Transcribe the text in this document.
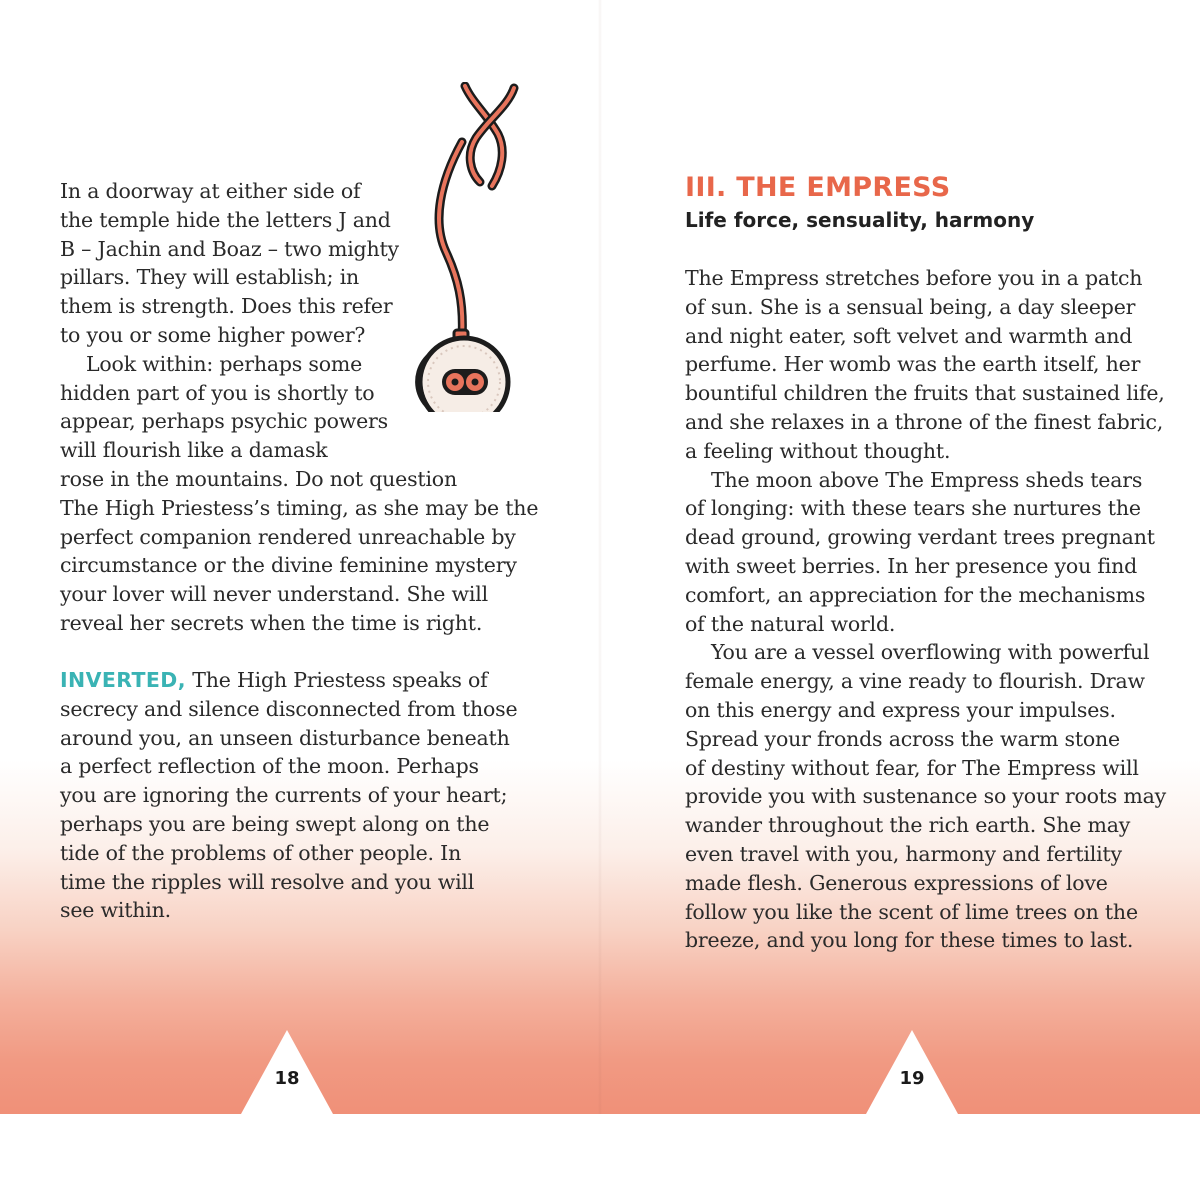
In a doorway at either side of
the temple hide the letters J and
B – Jachin and Boaz – two mighty
pillars. They will establish; in
them is strength. Does this refer
to you or some higher power?
Look within: perhaps some
hidden part of you is shortly to
appear, perhaps psychic powers
will flourish like a damask
rose in the mountains. Do not question
The High Priestess’s timing, as she may be the
perfect companion rendered unreachable by
circumstance or the divine feminine mystery
your lover will never understand. She will
reveal her secrets when the time is right.
INVERTED, The High Priestess speaks of
secrecy and silence disconnected from those
around you, an unseen disturbance beneath
a perfect reflection of the moon. Perhaps
you are ignoring the currents of your heart;
perhaps you are being swept along on the
tide of the problems of other people. In
time the ripples will resolve and you will
see within.
III. THE EMPRESS
Life force, sensuality, harmony
The Empress stretches before you in a patch
of sun. She is a sensual being, a day sleeper
and night eater, soft velvet and warmth and
perfume. Her womb was the earth itself, her
bountiful children the fruits that sustained life,
and she relaxes in a throne of the finest fabric,
a feeling without thought.
The moon above The Empress sheds tears
of longing: with these tears she nurtures the
dead ground, growing verdant trees pregnant
with sweet berries. In her presence you find
comfort, an appreciation for the mechanisms
of the natural world.
You are a vessel overflowing with powerful
female energy, a vine ready to flourish. Draw
on this energy and express your impulses.
Spread your fronds across the warm stone
of destiny without fear, for The Empress will
provide you with sustenance so your roots may
wander throughout the rich earth. She may
even travel with you, harmony and fertility
made flesh. Generous expressions of love
follow you like the scent of lime trees on the
breeze, and you long for these times to last.
18	19
